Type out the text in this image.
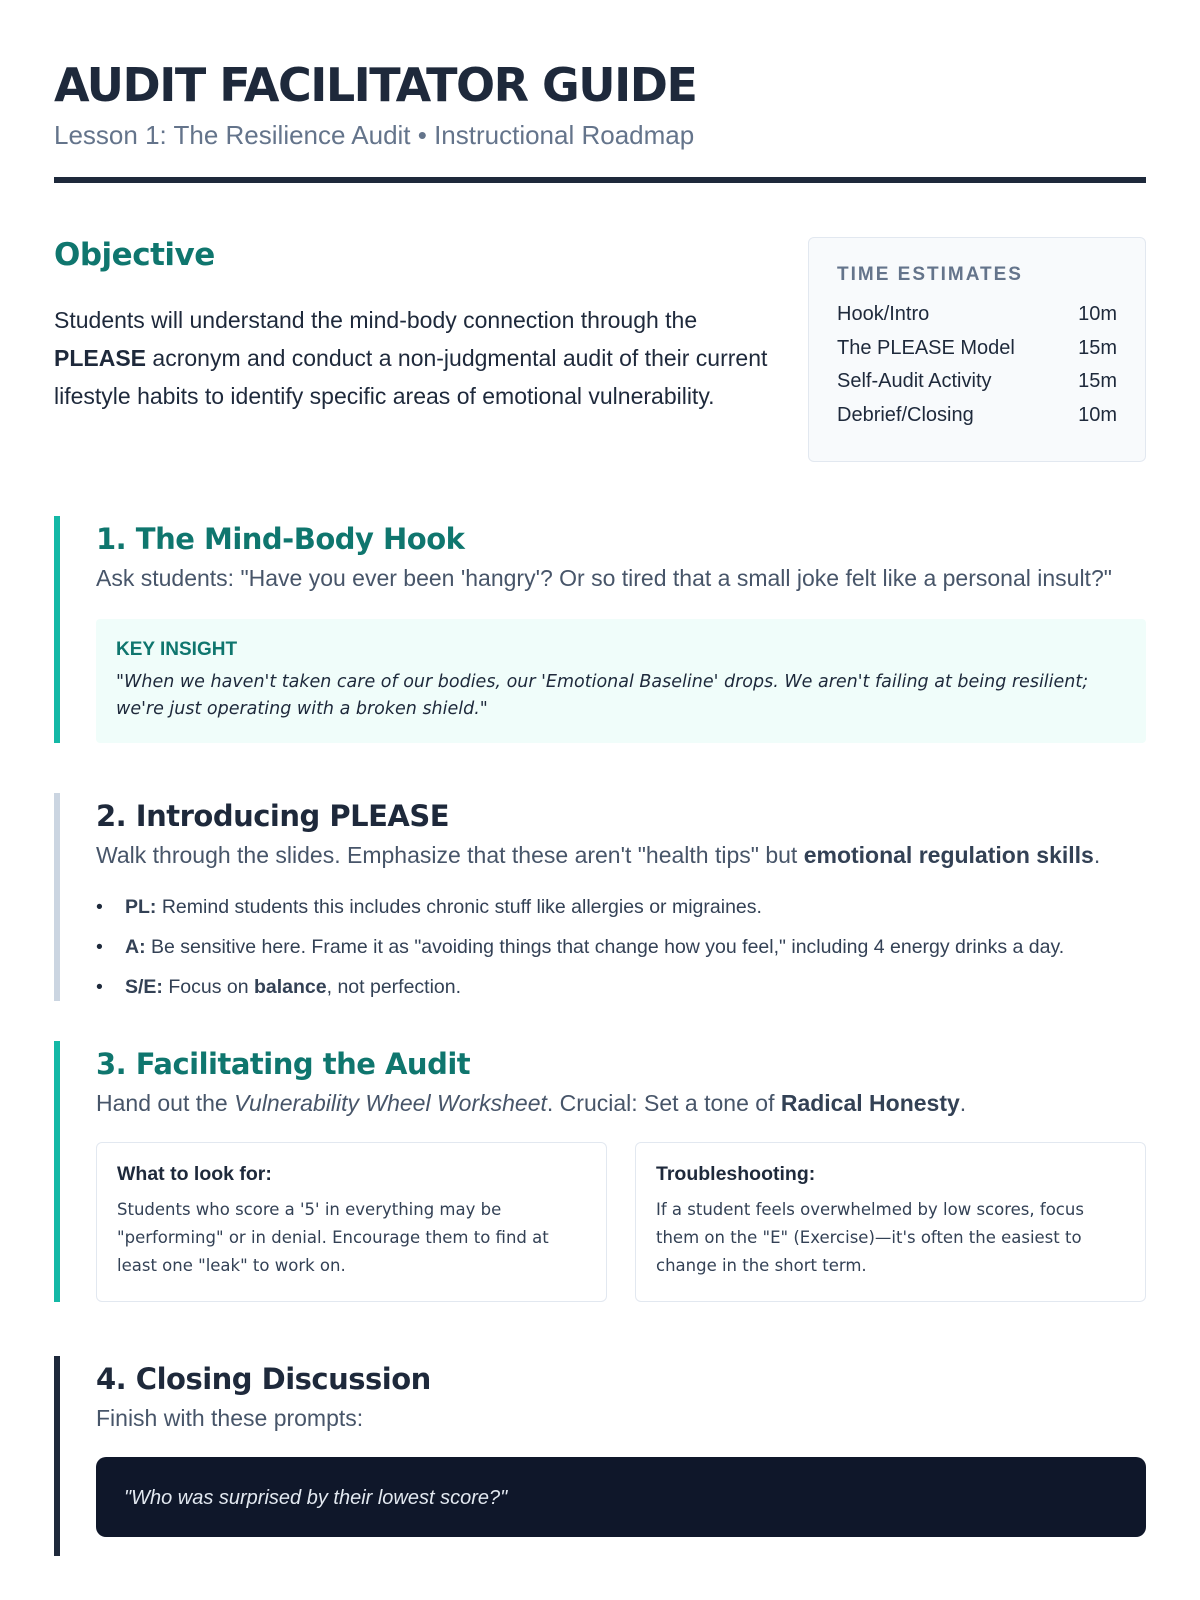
AUDIT FACILITATOR GUIDE
Lesson 1: The Resilience Audit • Instructional Roadmap
Objective

Students will understand the mind-body connection through the PLEASE acronym and conduct a non-judgmental audit of their current lifestyle habits to identify specific areas of emotional vulnerability.

TIME ESTIMATES
Hook/Intro	10m
The PLEASE Model	15m
Self-Audit Activity	15m
Debrief/Closing	10m
1. The Mind-Body Hook

Ask students: "Have you ever been 'hangry'? Or so tired that a small joke felt like a personal insult?"

KEY INSIGHT

"When we haven't taken care of our bodies, our 'Emotional Baseline' drops. We aren't failing at being resilient; we're just operating with a broken shield."

2. Introducing PLEASE

Walk through the slides. Emphasize that these aren't "health tips" but emotional regulation skills.

• PL: Remind students this includes chronic stuff like allergies or migraines.
• A: Be sensitive here. Frame it as "avoiding things that change how you feel," including 4 energy drinks a day.
• S/E: Focus on balance, not perfection.
3. Facilitating the Audit

Hand out the Vulnerability Wheel Worksheet. Crucial: Set a tone of Radical Honesty.

What to look for:

Students who score a '5' in everything may be "performing" or in denial. Encourage them to find at least one "leak" to work on.

Troubleshooting:

If a student feels overwhelmed by low scores, focus them on the "E" (Exercise)—it's often the easiest to change in the short term.

4. Closing Discussion

Finish with these prompts:

"Who was surprised by their lowest score?"
